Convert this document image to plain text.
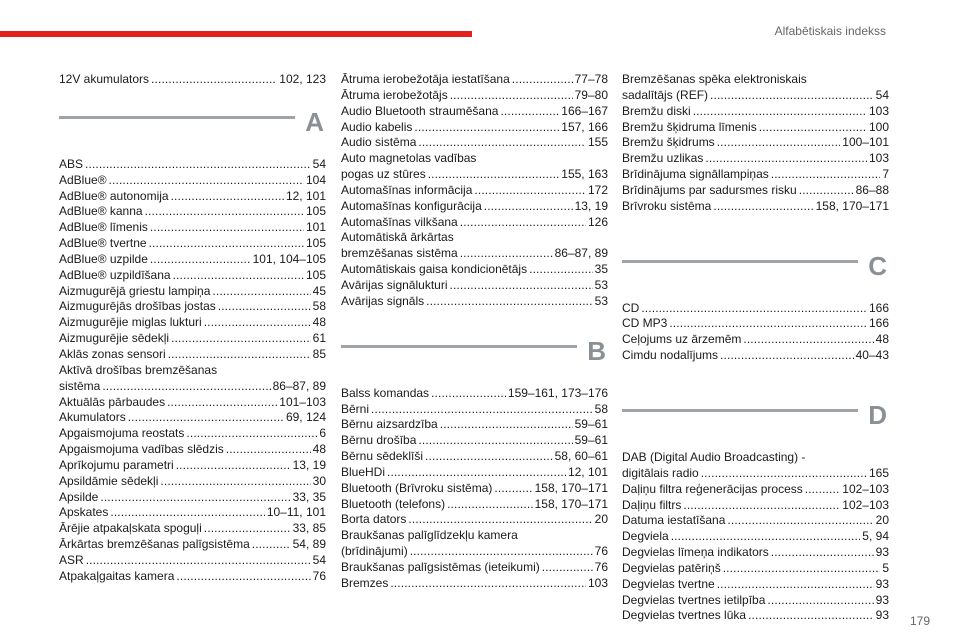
Alfabētiskais indekss
12V akumulators . . .	102, 123
A
ABS . . .	54
AdBlue® . . .	104
AdBlue® autonomija . . .	12, 101
AdBlue® kanna . . .	105
AdBlue® līmenis . . .	101
AdBlue® tvertne . . .	105
AdBlue® uzpilde . . .	101, 104–105
AdBlue® uzpildīšana . . .	105
Aizmugurējā griestu lampiņa . . .	45
Aizmugurējās drošības jostas . . .	58
Aizmugurējie miglas lukturi . . .	48
Aizmugurējie sēdekļi . . .	61
Aklās zonas sensori . . .	85
Aktīvā drošības bremzēšanas
sistēma . . .	86–87, 89
Aktuālās pārbaudes . . .	101–103
Akumulators . . .	69, 124
Apgaismojuma reostats . . .	6
Apgaismojuma vadības slēdzis . . .	48
Aprīkojumu parametri . . .	13, 19
Apsildāmie sēdekļi . . .	30
Apsilde . . .	33, 35
Apskates . . .	10–11, 101
Ārējie atpakaļskata spoguļi . . .	33, 85
Ārkārtas bremzēšanas palīgsistēma . . .	54, 89
ASR . . .	54
Atpakaļgaitas kamera . . .	76
Ātruma ierobežotāja iestatīšana . . .	77–78
Ātruma ierobežotājs . . .	79–80
Audio Bluetooth straumēšana . . .	166–167
Audio kabelis . . .	157, 166
Audio sistēma . . .	155
Auto magnetolas vadības
pogas uz stūres . . .	155, 163
Automašīnas informācija . . .	172
Automašīnas konfigurācija . . .	13, 19
Automašīnas vilkšana . . .	126
Automātiskā ārkārtas
bremzēšanas sistēma . . .	86–87, 89
Automātiskais gaisa kondicionētājs . . .	35
Avārijas signālukturi . . .	53
Avārijas signāls . . .	53
B
Balss komandas . . .	159–161, 173–176
Bērni . . .	58
Bērnu aizsardzība . . .	59–61
Bērnu drošība . . .	59–61
Bērnu sēdeklīši . . .	58, 60–61
BlueHDi . . .	12, 101
Bluetooth (Brīvroku sistēma) . . .	158, 170–171
Bluetooth (telefons) . . .	158, 170–171
Borta dators . . .	20
Braukšanas palīglīdzekļu kamera
(brīdinājumi) . . .	76
Braukšanas palīgsistēmas (ieteikumi) . . .	76
Bremzes . . .	103
Bremzēšanas spēka elektroniskais
sadalītājs (REF) . . .	54
Bremžu diski . . .	103
Bremžu šķidruma līmenis . . .	100
Bremžu šķidrums . . .	100–101
Bremžu uzlikas . . .	103
Brīdinājuma signāllampiņas . . .	7
Brīdinājums par sadursmes risku . . .	86–88
Brīvroku sistēma . . .	158, 170–171
C
CD . . .	166
CD MP3 . . .	166
Ceļojums uz ārzemēm . . .	48
Cimdu nodalījums . . .	40–43
D
DAB (Digital Audio Broadcasting) -
digitālais radio . . .	165
Daļiņu filtra reģenerācijas process . . .	102–103
Daļiņu filtrs . . .	102–103
Datuma iestatīšana . . .	20
Degviela . . .	5, 94
Degvielas līmeņa indikators . . .	93
Degvielas patēriņš . . .	5
Degvielas tvertne . . .	93
Degvielas tvertnes ietilpība . . .	93
Degvielas tvertnes lūka . . .	93 179
